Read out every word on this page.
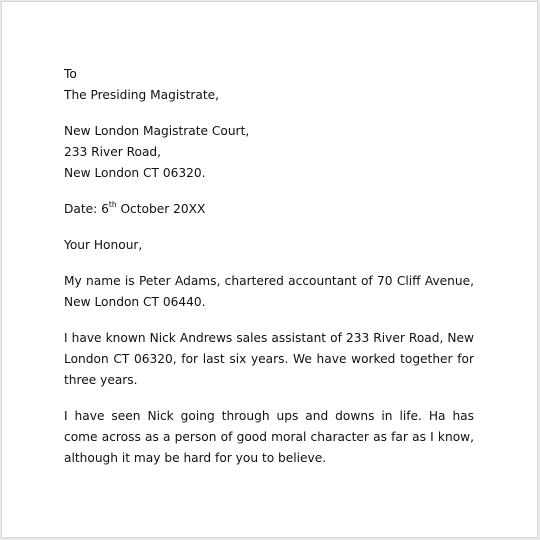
To
The Presiding Magistrate,
New London Magistrate Court,
233 River Road,
New London CT 06320.
Date: 6th October 20XX
Your Honour,

My name is Peter Adams, chartered accountant of 70 Cliff Avenue, New London CT 06440.

I have known Nick Andrews sales assistant of 233 River Road, New London CT 06320, for last six years. We have worked together for three years.

I have seen Nick going through ups and downs in life. Ha has come across as a person of good moral character as far as I know, although it may be hard for you to believe.
